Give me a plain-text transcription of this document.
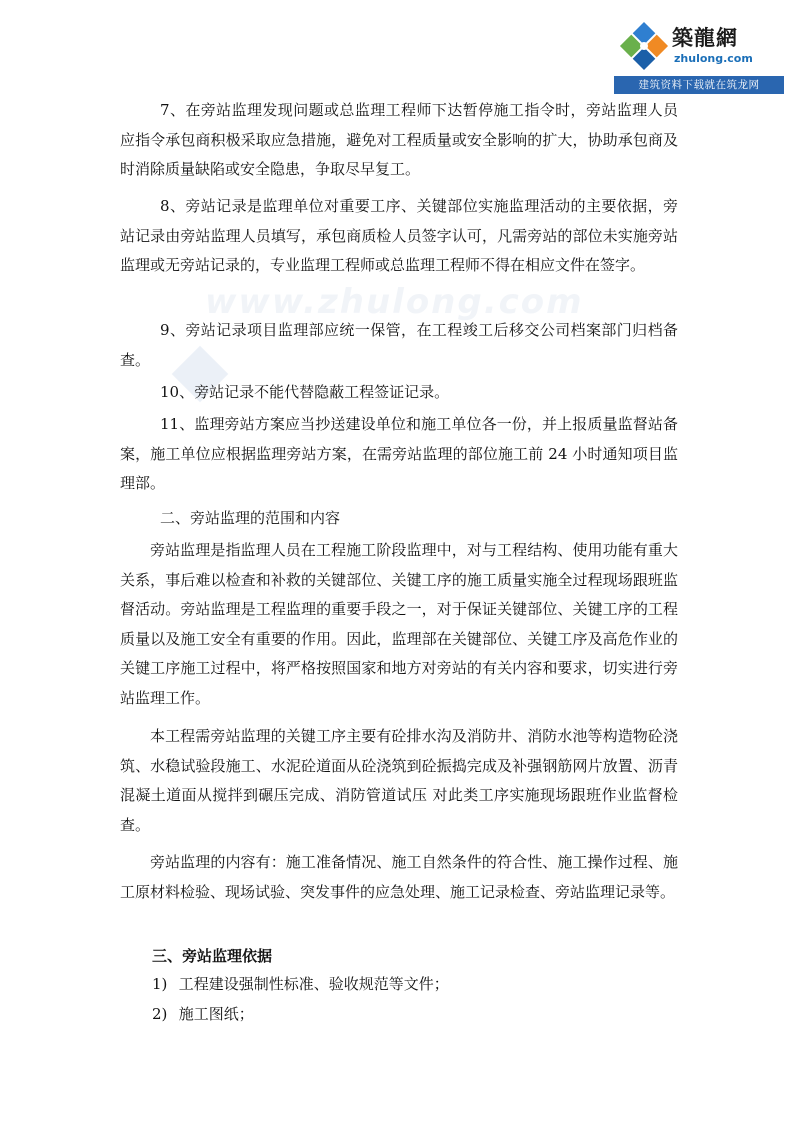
築龍網
zhulong.com
建筑资料下载就在筑龙网
www.zhulong.com

7、在旁站监理发现问题或总监理工程师下达暂停施工指令时，旁站监理人员应指令承包商积极采取应急措施，避免对工程质量或安全影响的扩大，协助承包商及时消除质量缺陷或安全隐患，争取尽早复工。

8、旁站记录是监理单位对重要工序、关键部位实施监理活动的主要依据，旁站记录由旁站监理人员填写，承包商质检人员签字认可，凡需旁站的部位未实施旁站监理或无旁站记录的，专业监理工程师或总监理工程师不得在相应文件在签字。

9、旁站记录项目监理部应统一保管，在工程竣工后移交公司档案部门归档备查。

10、旁站记录不能代替隐蔽工程签证记录。

11、监理旁站方案应当抄送建设单位和施工单位各一份，并上报质量监督站备案，施工单位应根据监理旁站方案，在需旁站监理的部位施工前 24 小时通知项目监理部。

二、旁站监理的范围和内容

旁站监理是指监理人员在工程施工阶段监理中，对与工程结构、使用功能有重大关系，事后难以检查和补救的关键部位、关键工序的施工质量实施全过程现场跟班监督活动。旁站监理是工程监理的重要手段之一，对于保证关键部位、关键工序的工程质量以及施工安全有重要的作用。因此，监理部在关键部位、关键工序及高危作业的关键工序施工过程中，将严格按照国家和地方对旁站的有关内容和要求，切实进行旁站监理工作。

本工程需旁站监理的关键工序主要有砼排水沟及消防井、消防水池等构造物砼浇筑、水稳试验段施工、水泥砼道面从砼浇筑到砼振捣完成及补强钢筋网片放置、沥青混凝土道面从搅拌到碾压完成、消防管道试压 对此类工序实施现场跟班作业监督检查。

旁站监理的内容有：施工准备情况、施工自然条件的符合性、施工操作过程、施工原材料检验、现场试验、突发事件的应急处理、施工记录检查、旁站监理记录等。

三、旁站监理依据

1) 工程建设强制性标准、验收规范等文件；

2) 施工图纸；
